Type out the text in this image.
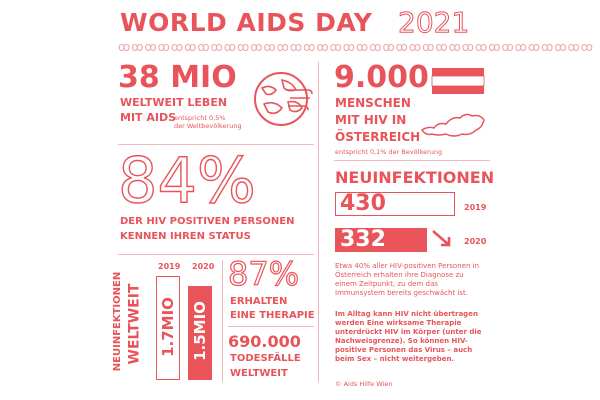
WORLD AIDS DAY 2021
ꝏꝏꝏꝏꝏꝏꝏꝏꝏꝏꝏꝏꝏꝏꝏꝏꝏꝏꝏꝏꝏꝏꝏꝏꝏꝏꝏꝏꝏꝏꝏꝏꝏꝏꝏꝏ
38 MIO
WELTWEIT LEBEN
MIT AIDS
entspricht 0,5%
der Weltbevölkerung
9.000
MENSCHEN
MIT HIV IN
ÖSTERREICH
entspricht 0,1% der Bevölkerung
84%
DER HIV POSITIVEN PERSONEN
KENNEN IHREN STATUS
NEUINFEKTIONEN
430	2019
332	2020
NEUINFEKTIONEN WELTWEIT
2019 2020
1.7MIO 1.5MIO
87%
ERHALTEN
EINE THERAPIE
690.000
TODESFÄLLE
WELTWEIT
Etwa 40% aller HIV-positiven Personen in Österreich erhalten ihre Diagnose zu einem Zeitpunkt, zu dem das Immunsystem bereits geschwächt ist.
Im Alltag kann HIV nicht übertragen werden Eine wirksame Therapie unterdrückt HIV im Körper (unter die Nachweisgrenze). So können HIV-positive Personen das Virus – auch beim Sex – nicht weitergeben.
© Aids Hilfe Wien
